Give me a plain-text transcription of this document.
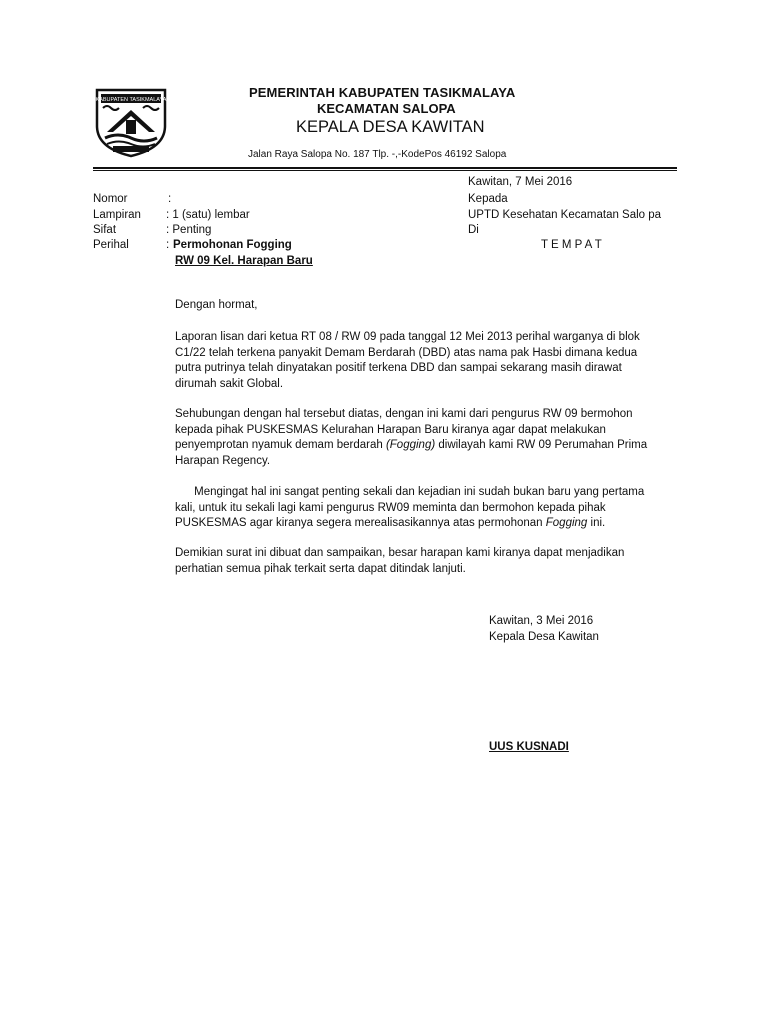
KABUPATEN TASIKMALAYA	PEMERINTAH KABUPATEN TASIKMALAYA
KECAMATAN SALOPA
KEPALA DESA KAWITAN
Jalan Raya Salopa No. 187 Tlp. -,-KodePos 46192 Salopa
Kawitan, 7 Mei 2016
Kepada
UPTD Kesehatan Kecamatan Salo pa
Di
T E M P A T
Nomor	:
Lampiran : 1 (satu) lembar
Sifat	: Penting
Perihal	: Permohonan Fogging
RW 09 Kel. Harapan Baru
Dengan hormat,
Laporan lisan dari ketua RT 08 / RW 09 pada tanggal 12 Mei 2013 perihal warganya di blok
C1/22 telah terkena panyakit Demam Berdarah (DBD) atas nama pak Hasbi dimana kedua
putra putrinya telah dinyatakan positif terkena DBD dan sampai sekarang masih dirawat
dirumah sakit Global.
Sehubungan dengan hal tersebut diatas, dengan ini kami dari pengurus RW 09 bermohon
kepada pihak PUSKESMAS Kelurahan Harapan Baru kiranya agar dapat melakukan
penyemprotan nyamuk demam berdarah (Fogging) diwilayah kami RW 09 Perumahan Prima
Harapan Regency.
Mengingat hal ini sangat penting sekali dan kejadian ini sudah bukan baru yang pertama
kali, untuk itu sekali lagi kami pengurus RW09 meminta dan bermohon kepada pihak
PUSKESMAS agar kiranya segera merealisasikannya atas permohonan Fogging ini.
Demikian surat ini dibuat dan sampaikan, besar harapan kami kiranya dapat menjadikan
perhatian semua pihak terkait serta dapat ditindak lanjuti.
Kawitan, 3 Mei 2016
Kepala Desa Kawitan
UUS KUSNADI
